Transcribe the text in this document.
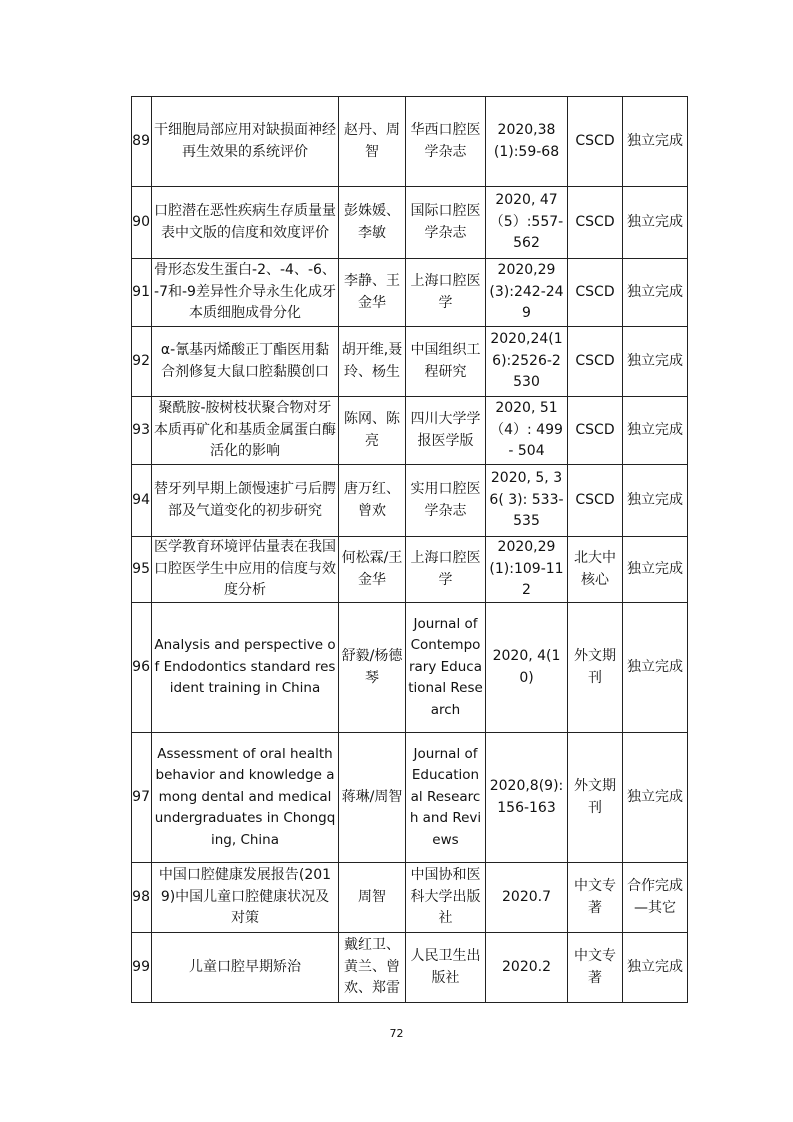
89	干细胞局部应用对缺损面神经再生效果的系统评价	赵丹、周智	华西口腔医学杂志	2020,38(1):59-68	CSCD	独立完成
90	口腔潜在恶性疾病生存质量量表中文版的信度和效度评价	彭姝媛、李敏	国际口腔医学杂志	2020, 47（5）:557-562	CSCD	独立完成
91	骨形态发生蛋白-2、-4、-6、-7和-9差异性介导永生化成牙本质细胞成骨分化	李静、王金华	上海口腔医学	2020,29(3):242-249	CSCD	独立完成
92	α-氰基丙烯酸正丁酯医用黏合剂修复大鼠口腔黏膜创口	胡开维,聂玲、杨生	中国组织工程研究	2020,24(16):2526-2530	CSCD	独立完成
93	聚酰胺-胺树枝状聚合物对牙本质再矿化和基质金属蛋白酶活化的影响	陈网、陈亮	四川大学学报医学版	2020, 51（4）: 499 - 504	CSCD	独立完成
94	替牙列早期上颌慢速扩弓后腭部及气道变化的初步研究	唐万红、曾欢	实用口腔医学杂志	2020, 5, 36( 3): 533-535	CSCD	独立完成
95	医学教育环境评估量表在我国口腔医学生中应用的信度与效度分析	何松霖/王金华	上海口腔医学	2020,29(1):109-112	北大中核心	独立完成
96	Analysis and perspective of Endodontics standard resident training in China	舒毅/杨德琴	Journal of Contemporary Educational Research	2020, 4(10)	外文期刊	独立完成
97	Assessment of oral health behavior and knowledge among dental and medical undergraduates in Chongqing, China	蒋琳/周智	Journal of Educational Research and Reviews	2020,8(9):156-163	外文期刊	独立完成
98	中国口腔健康发展报告(2019)中国儿童口腔健康状况及对策	周智	中国协和医科大学出版社	2020.7	中文专著	合作完成—其它
99	儿童口腔早期矫治	戴红卫、黄兰、曾欢、郑雷	人民卫生出版社	2020.2	中文专著	独立完成
72
